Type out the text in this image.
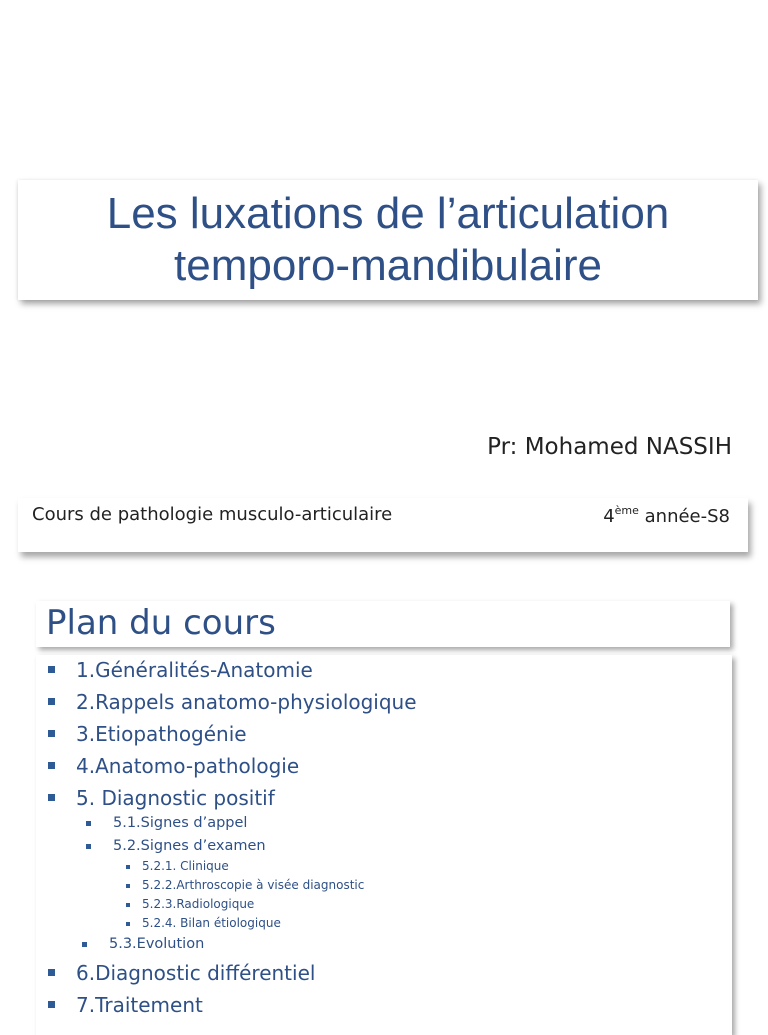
Les luxations de l’articulation
temporo-mandibulaire
Pr: Mohamed NASSIH
Cours de pathologie musculo-articulaire	4ème année-S8
Plan du cours
1.Généralités-Anatomie
2.Rappels anatomo-physiologique
3.Etiopathogénie
4.Anatomo-pathologie
5. Diagnostic positif
5.1.Signes d’appel
5.2.Signes d’examen
5.2.1. Clinique
5.2.2.Arthroscopie à visée diagnostic
5.2.3.Radiologique
5.2.4. Bilan étiologique
5.3.Evolution
6.Diagnostic différentiel
7.Traitement
